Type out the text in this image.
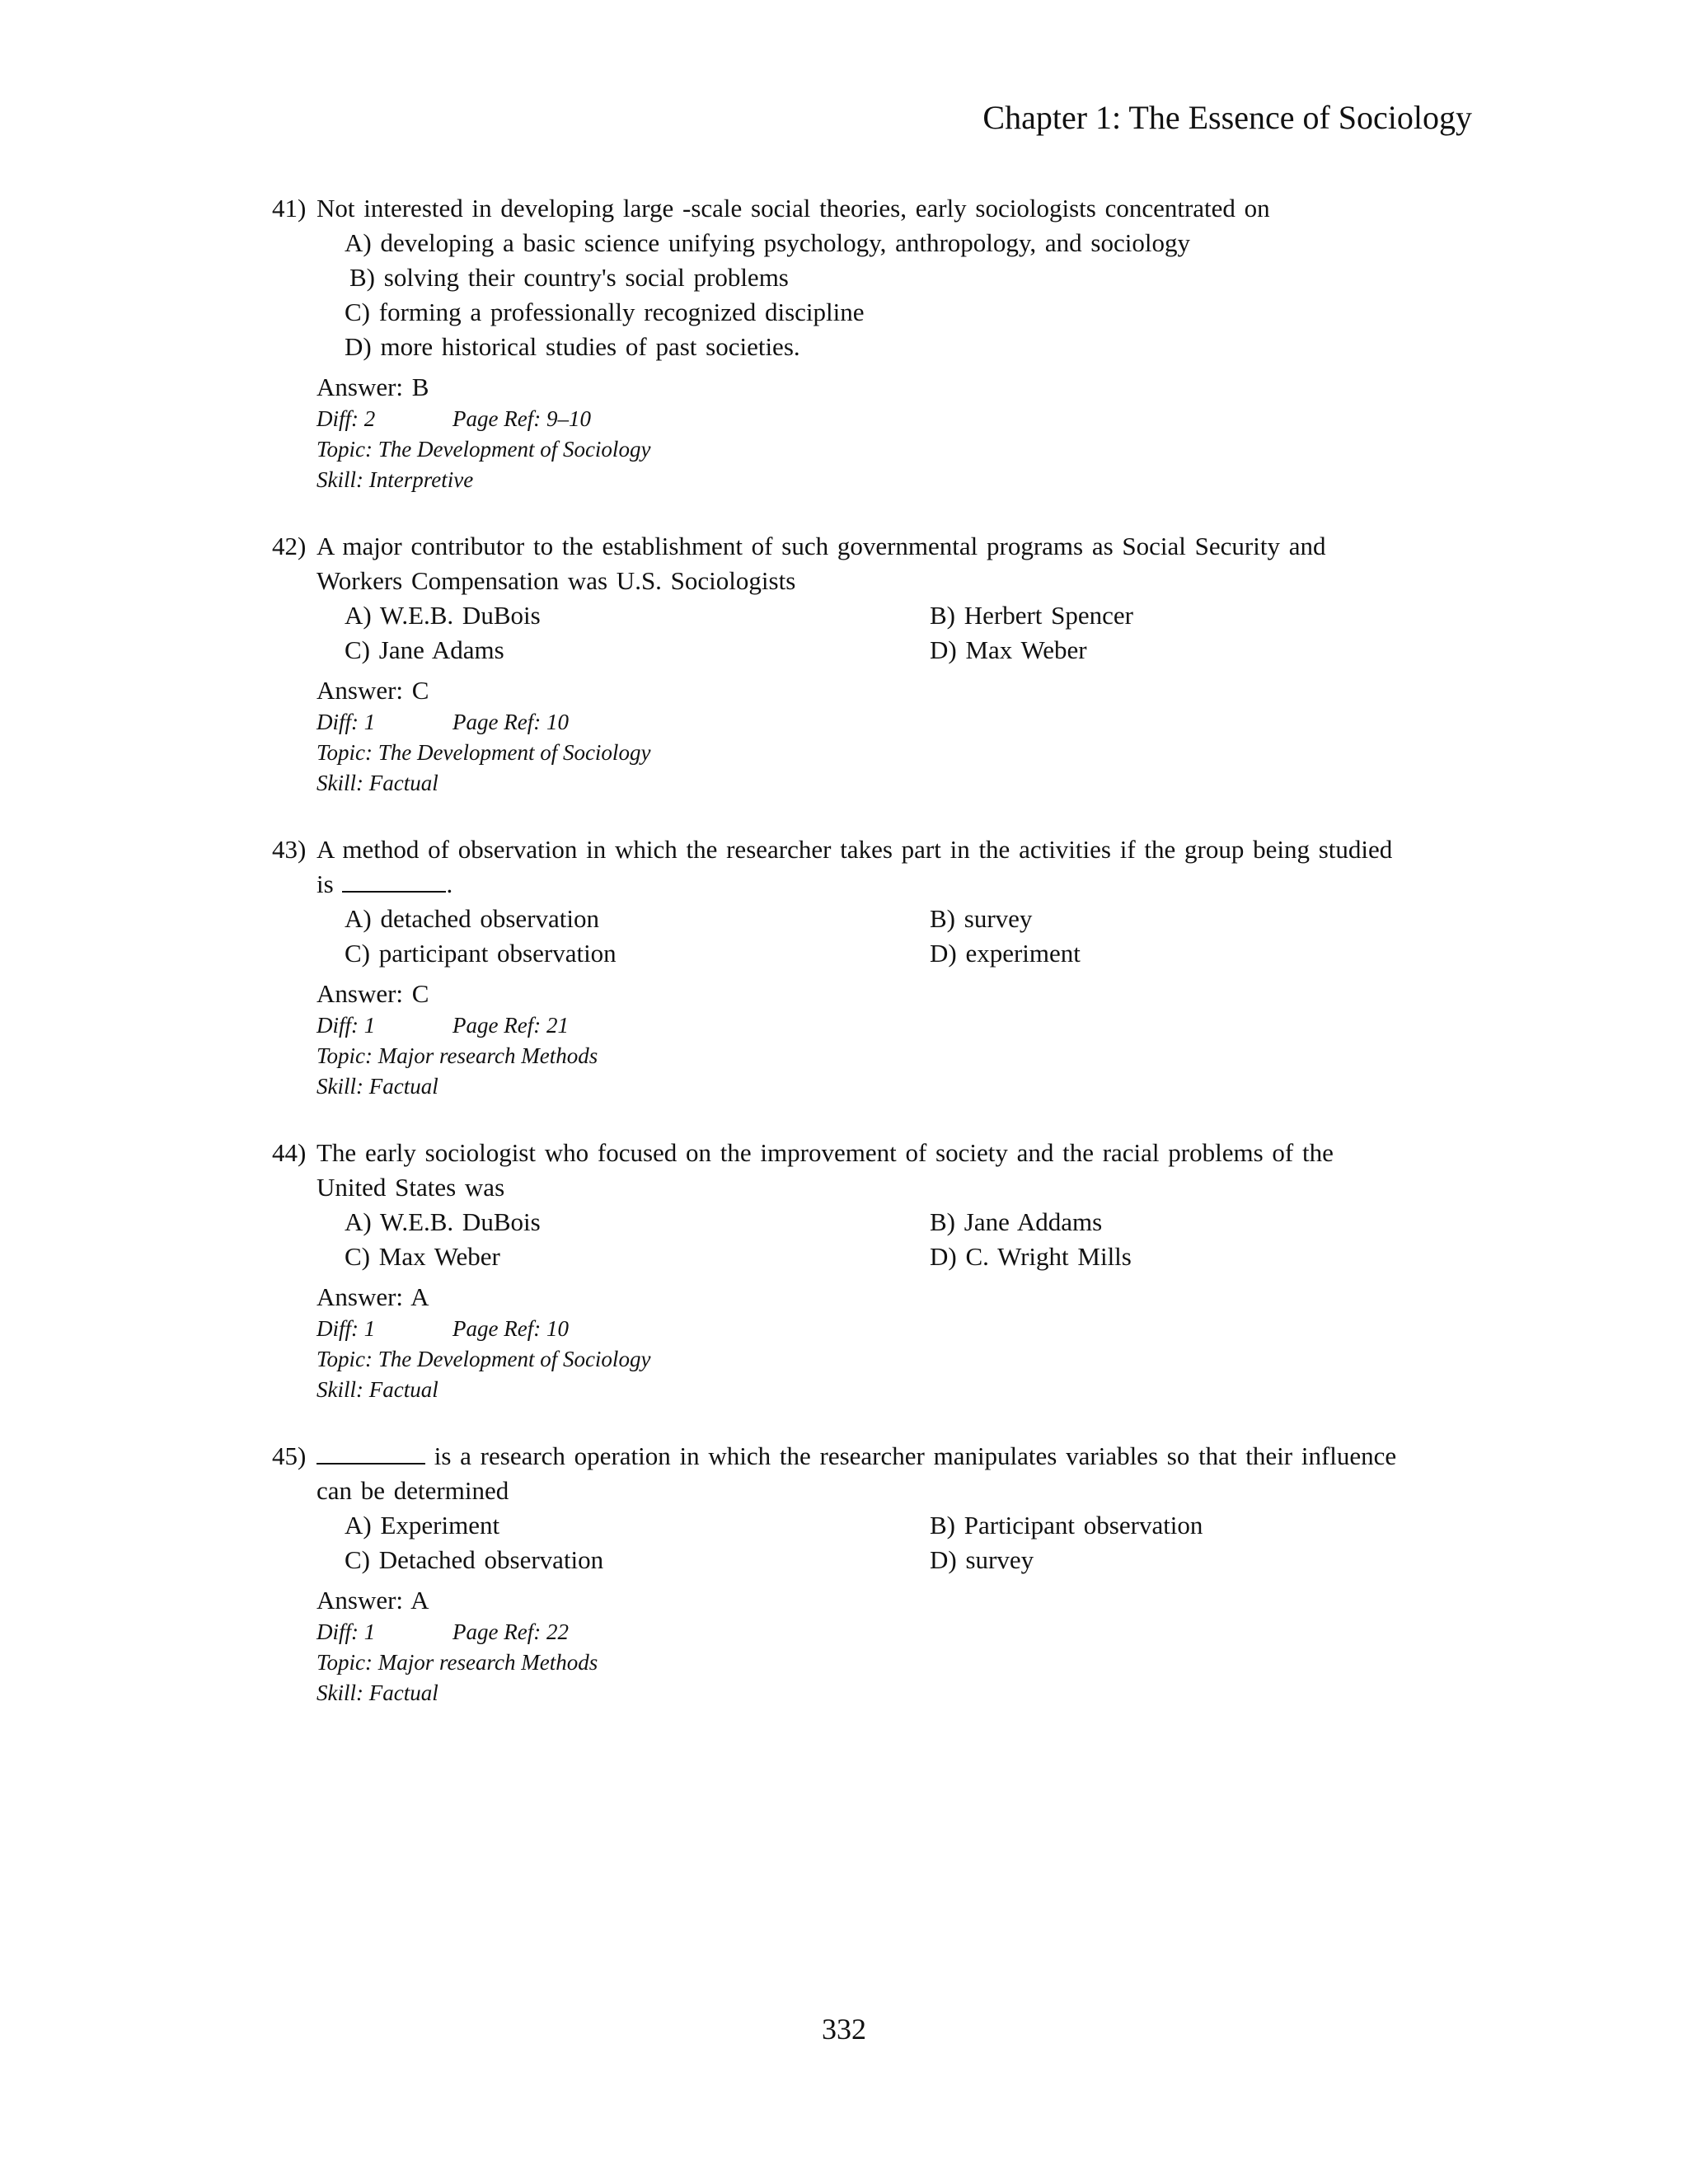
Chapter 1: The Essence of Sociology
41) Not interested in developing large -scale social theories, early sociologists concentrated on
A) developing a basic science unifying psychology, anthropology, and sociology
B) solving their country's social problems
C) forming a professionally recognized discipline
D) more historical studies of past societies.
Answer: B
Diff: 2	Page Ref: 9–10
Topic: The Development of Sociology
Skill: Interpretive
42) A major contributor to the establishment of such governmental programs as Social Security and Workers Compensation was U.S. Sociologists
A) W.E.B. DuBois	B) Herbert Spencer
C) Jane Adams	D) Max Weber
Answer: C
Diff: 1	Page Ref: 10
Topic: The Development of Sociology
Skill: Factual
43) A method of observation in which the researcher takes part in the activities if the group being studied is	.
A) detached observation	B) survey
C) participant observation	D) experiment
Answer: C
Diff: 1	Page Ref: 21
Topic: Major research Methods
Skill: Factual
44) The early sociologist who focused on the improvement of society and the racial problems of the United States was
A) W.E.B. DuBois	B) Jane Addams
C) Max Weber	D) C. Wright Mills
Answer: A
Diff: 1	Page Ref: 10
Topic: The Development of Sociology
Skill: Factual
45)	is a research operation in which the researcher manipulates variables so that their influence can be determined
A) Experiment	B) Participant observation
C) Detached observation	D) survey
Answer: A
Diff: 1	Page Ref: 22
Topic: Major research Methods
Skill: Factual
332
